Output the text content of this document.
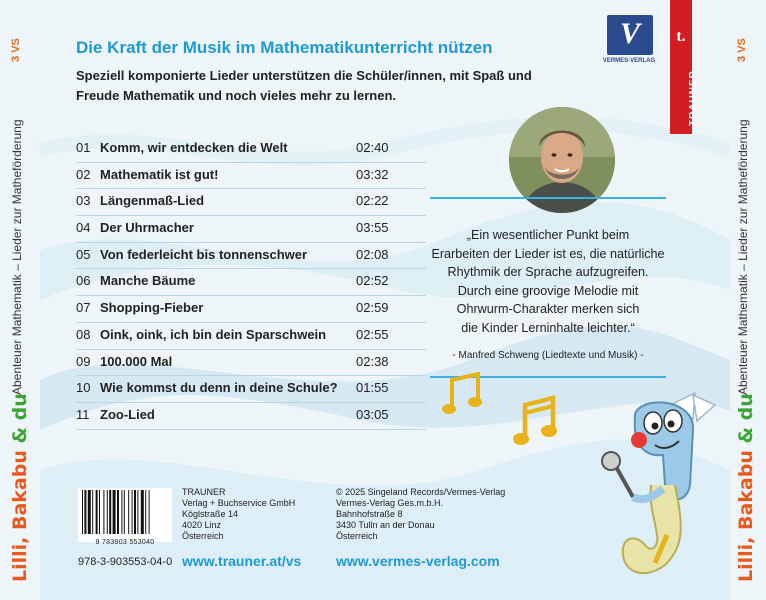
3 VS
Abenteuer Mathematik – Lieder zur Matheförderung
Lilli, Bakabu & du
3 VS
Abenteuer Mathematik – Lieder zur Matheförderung
Lilli, Bakabu & du
Die Kraft der Musik im Mathematikunterricht nützen
Speziell komponierte Lieder unterstützen die Schüler/innen, mit Spaß und Freude Mathematik und noch vieles mehr zu lernen.
01 Komm, wir entdecken die Welt	02:40
02 Mathematik ist gut!	03:32
03 Längenmaß-Lied	02:22
04 Der Uhrmacher	03:55
05 Von federleicht bis tonnenschwer	02:08
06 Manche Bäume	02:52
07 Shopping-Fieber	02:59
08 Oink, oink, ich bin dein Sparschwein 02:55
09 100.000 Mal	02:38
10 Wie kommst du denn in deine Schule? 01:55
11 Zoo-Lied	03:05
V
VERMES-VERLAG
t.
TRAUNER
„Ein wesentlicher Punkt beim
Erarbeiten der Lieder ist es, die natürliche
Rhythmik der Sprache aufzugreifen.
Durch eine groovige Melodie mit
Ohrwurm-Charakter merken sich
die Kinder Lerninhalte leichter.“
- Manfred Schweng (Liedtexte und Musik) -
9 783903 553040
978-3-903553-04-0
TRAUNER
Verlag + Buchservice GmbH
Köglstraße 14
4020 Linz
Österreich
© 2025 Singeland Records/Vermes-Verlag
Vermes-Verlag Ges.m.b.H.
Bahnhofstraße 8
3430 Tulln an der Donau
Österreich
www.trauner.at/vs www.vermes-verlag.com
